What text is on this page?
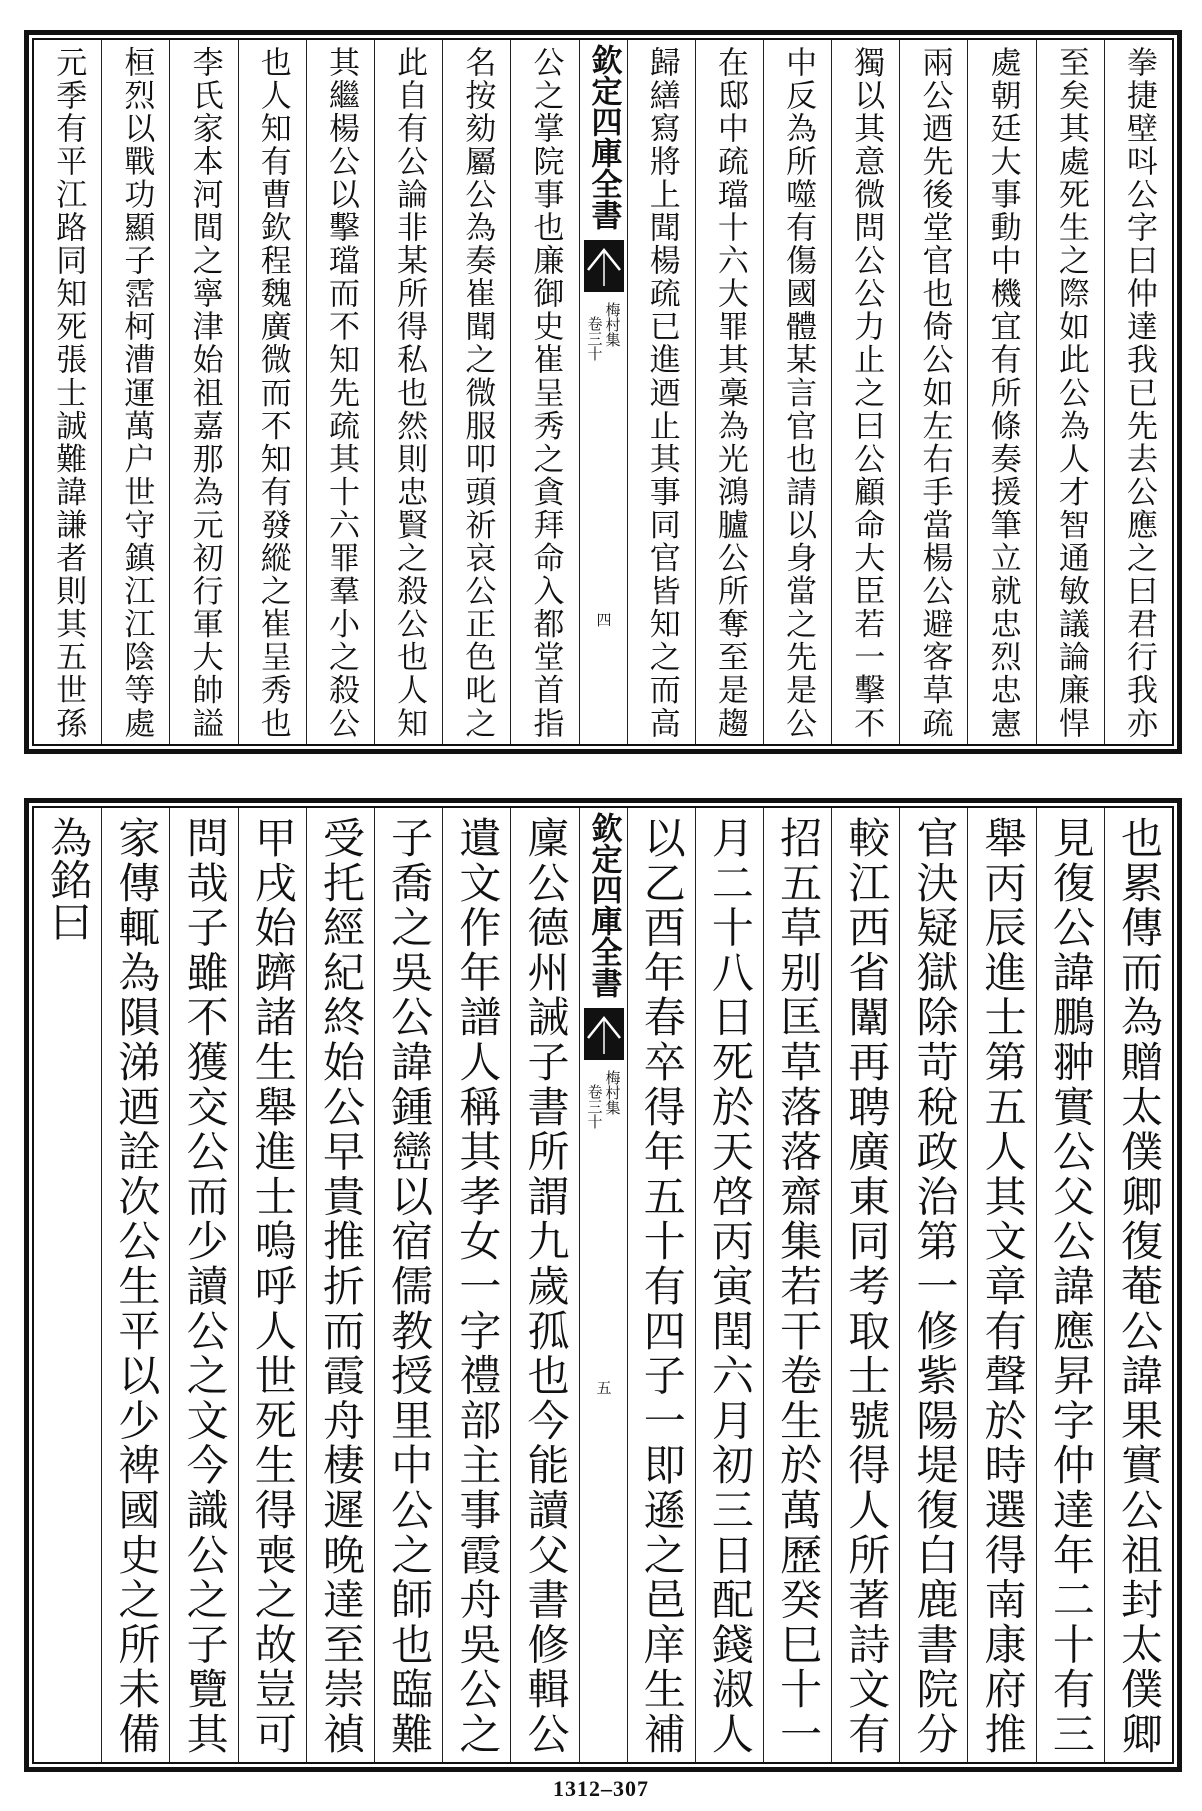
拳捷壁呌公字曰仲達我已先去公應之曰君行我亦
至矣其處死生之際如此公為人才智通敏議論廉悍
處朝廷大事動中機宜有所條奏援筆立就忠烈忠憲
兩公迺先後堂官也倚公如左右手當楊公避客草疏
獨以其意微問公公力止之曰公顧命大臣若一擊不
中反為所噬有傷國體某言官也請以身當之先是公
在邸中疏璫十六大罪其稾為光鴻臚公所奪至是趨
歸繕寫將上聞楊疏已進迺止其事同官皆知之而高
欽定四庫全書
梅村集
卷三十
四
公之掌院事也廉御史崔呈秀之貪拜命入都堂首指
名按劾屬公為奏崔聞之微服叩頭祈哀公正色叱之
此自有公論非某所得私也然則忠賢之殺公也人知
其繼楊公以擊璫而不知先疏其十六罪羣小之殺公
也人知有曹欽程魏廣微而不知有發縱之崔呈秀也
李氏家本河間之寧津始祖嘉那為元初行軍大帥謚
桓烈以戰功顯子霑柯漕運萬户世守鎮江江陰等處
元季有平江路同知死張士誠難諱謙者則其五世孫
也累傳而為贈太僕卿復菴公諱果實公祖封太僕卿
見復公諱鵬翀實公父公諱應昇字仲達年二十有三
舉丙辰進士第五人其文章有聲於時選得南康府推
官決疑獄除苛稅政治第一修紫陽堤復白鹿書院分
較江西省闈再聘廣東同考取士號得人所著詩文有
招五草别匡草落落齋集若干卷生於萬歷癸巳十一
月二十八日死於天啓丙寅閏六月初三日配錢淑人
以乙酉年春卒得年五十有四子一即遜之邑庠生補
欽定四庫全書
梅村集
卷三十
五
廩公德州誡子書所謂九歲孤也今能讀父書修輯公
遺文作年譜人稱其孝女一字禮部主事霞舟吳公之
子喬之吳公諱鍾巒以宿儒教授里中公之師也臨難
受托經紀終始公早貴推折而霞舟棲遲晚達至崇禎
甲戌始躋諸生舉進士嗚呼人世死生得喪之故豈可
問哉子雖不獲交公而少讀公之文今識公之子覽其
家傳輒為隕涕迺詮次公生平以少裨國史之所未備
為銘曰
1312–307
